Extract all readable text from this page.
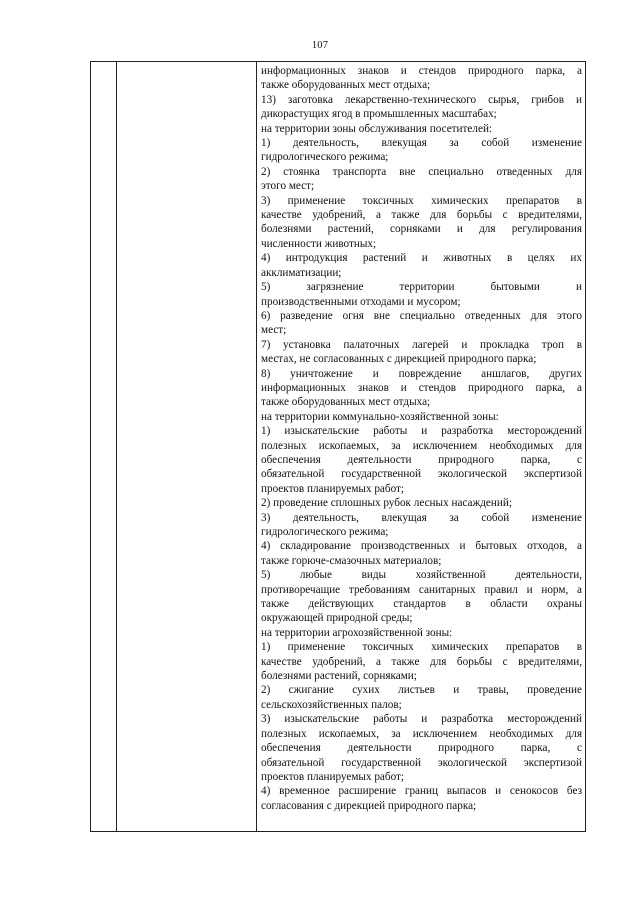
107

информационных знаков и стендов природного парка, а
также оборудованных мест отдыха;
13) заготовка лекарственно-технического сырья, грибов и
дикорастущих ягод в промышленных масштабах;
на территории зоны обслуживания посетителей:
1) деятельность, влекущая за собой изменение
гидрологического режима;
2) стоянка транспорта вне специально отведенных для
этого мест;
3) применение токсичных химических препаратов в
качестве удобрений, а также для борьбы с вредителями,
болезнями растений, сорняками и для регулирования
численности животных;
4) интродукция растений и животных в целях их
акклиматизации;
5) загрязнение территории бытовыми и
производственными отходами и мусором;
6) разведение огня вне специально отведенных для этого
мест;
7) установка палаточных лагерей и прокладка троп в
местах, не согласованных с дирекцией природного парка;
8) уничтожение и повреждение аншлагов, других
информационных знаков и стендов природного парка, а
также оборудованных мест отдыха;
на территории коммунально-хозяйственной зоны:
1) изыскательские работы и разработка месторождений
полезных ископаемых, за исключением необходимых для
обеспечения деятельности природного парка, с
обязательной государственной экологической экспертизой
проектов планируемых работ;
2) проведение сплошных рубок лесных насаждений;
3) деятельность, влекущая за собой изменение
гидрологического режима;
4) складирование производственных и бытовых отходов, а
также горюче-смазочных материалов;
5) любые виды хозяйственной деятельности,
противоречащие требованиям санитарных правил и норм, а
также действующих стандартов в области охраны
окружающей природной среды;
на территории агрохозяйственной зоны:
1) применение токсичных химических препаратов в
качестве удобрений, а также для борьбы с вредителями,
болезнями растений, сорняками;
2) сжигание сухих листьев и травы, проведение
сельскохозяйственных палов;
3) изыскательские работы и разработка месторождений
полезных ископаемых, за исключением необходимых для
обеспечения деятельности природного парка, с
обязательной государственной экологической экспертизой
проектов планируемых работ;
4) временное расширение границ выпасов и сенокосов без
согласования с дирекцией природного парка;
